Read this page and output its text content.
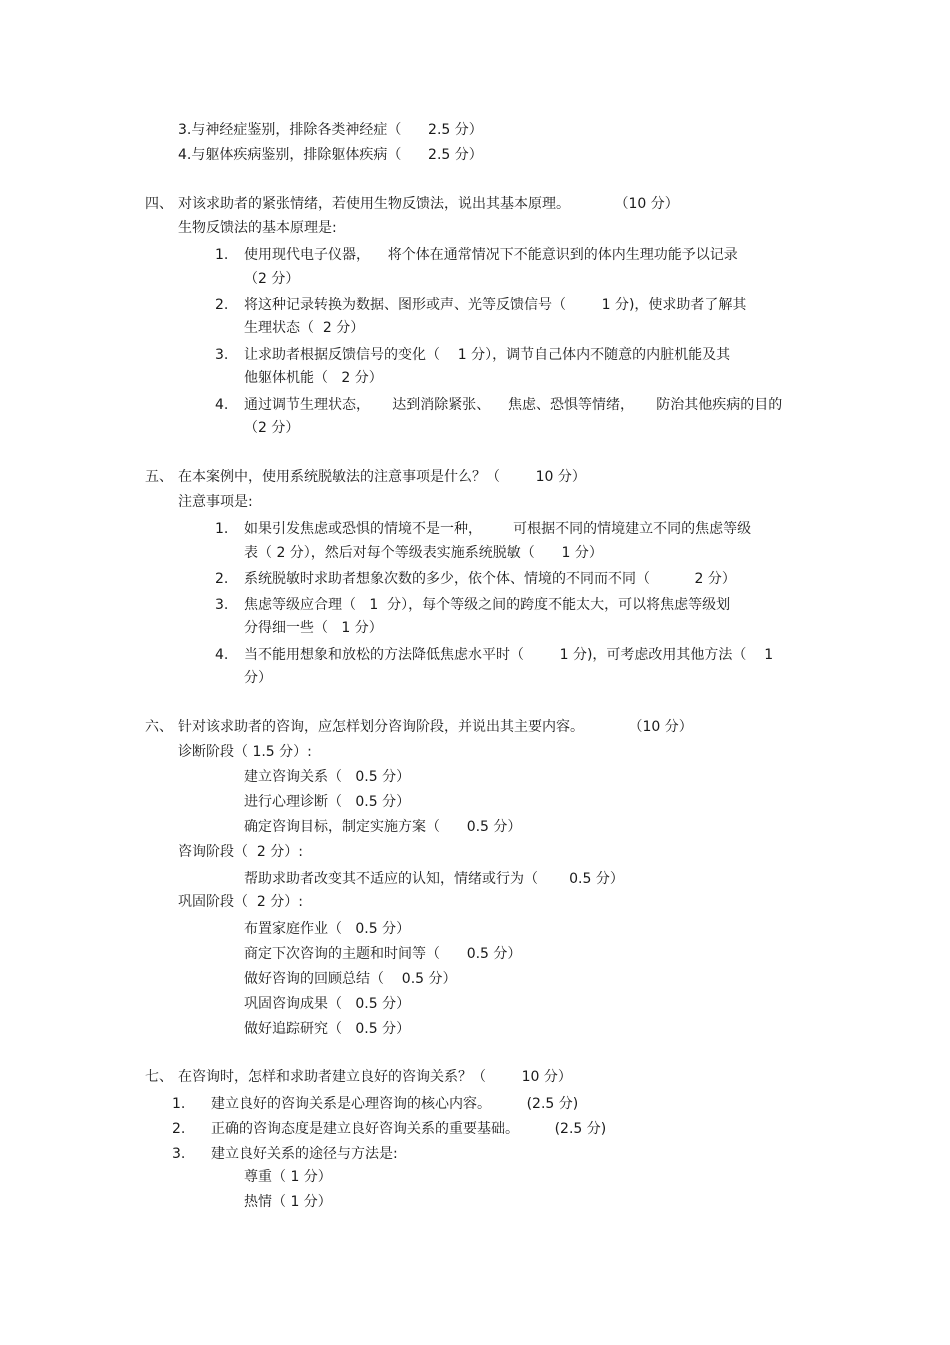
3.与神经症鉴别，排除各类神经症（      2.5 分）
4.与躯体疾病鉴别，排除躯体疾病（      2.5 分）
四、 对该求助者的紧张情绪，若使用生物反馈法，说出其基本原理。          （10 分）
生物反馈法的基本原理是:
1. 使用现代电子仪器，    将个体在通常情况下不能意识到的体内生理功能予以记录
（2 分）
2. 将这种记录转换为数据、图形或声、光等反馈信号（        1 分)，使求助者了解其
生理状态（  2 分）
3. 让求助者根据反馈信号的变化（    1 分），调节自己体内不随意的内脏机能及其
他躯体机能（   2 分）
4. 通过调节生理状态，     达到消除紧张、    焦虑、恐惧等情绪，     防治其他疾病的目的
（2 分）
五、 在本案例中，使用系统脱敏法的注意事项是什么？（        10 分）
注意事项是:
1. 如果引发焦虑或恐惧的情境不是一种，       可根据不同的情境建立不同的焦虑等级
表（ 2 分），然后对每个等级表实施系统脱敏（      1 分）
2. 系统脱敏时求助者想象次数的多少，依个体、情境的不同而不同（          2 分）
3. 焦虑等级应合理（   1  分），每个等级之间的跨度不能太大，可以将焦虑等级划
分得细一些（   1 分）
4. 当不能用想象和放松的方法降低焦虑水平时（        1 分)，可考虑改用其他方法（    1
分）
六、 针对该求助者的咨询，应怎样划分咨询阶段，并说出其主要内容。          （10 分）
诊断阶段（ 1.5 分）:
建立咨询关系（   0.5 分）
进行心理诊断（   0.5 分）
确定咨询目标，制定实施方案（      0.5 分）
咨询阶段（  2 分）:
帮助求助者改变其不适应的认知，情绪或行为（       0.5 分）
巩固阶段（  2 分）:
布置家庭作业（   0.5 分）
商定下次咨询的主题和时间等（      0.5 分）
做好咨询的回顾总结（    0.5 分）
巩固咨询成果（   0.5 分）
做好追踪研究（   0.5 分）
七、 在咨询时，怎样和求助者建立良好的咨询关系？（        10 分）
1. 建立良好的咨询关系是心理咨询的核心内容。        (2.5 分)
2. 正确的咨询态度是建立良好咨询关系的重要基础。        (2.5 分)
3. 建立良好关系的途径与方法是:
尊重（ 1 分）
热情（ 1 分）
